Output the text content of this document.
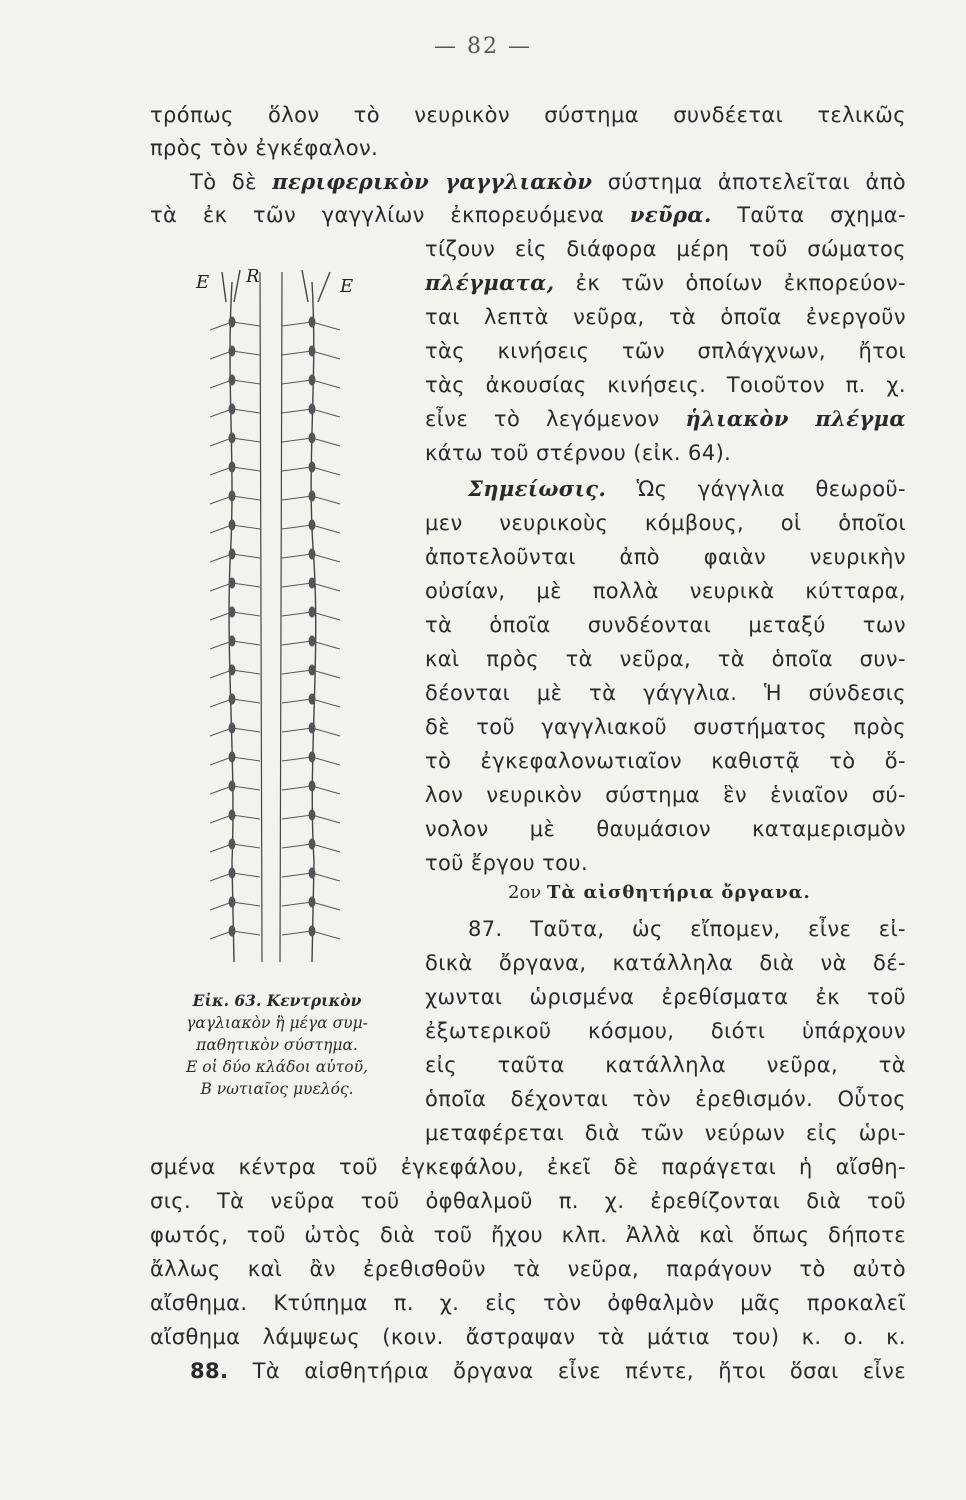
— 82 —
τρόπως ὅλον τὸ νευρικὸν σύστημα συνδέεται τελικῶς
πρὸς τὸν ἐγκέφαλον.
Τὸ δὲ περιφερικὸν γαγγλιακὸν σύστημα ἀποτελεῖται ἀπὸ
τὰ ἐκ τῶν γαγγλίων ἐκπορευόμενα νεῦρα. Ταῦτα σχημα-
τίζουν εἰς διάφορα μέρη τοῦ σώματος
πλέγματα, ἐκ τῶν ὁποίων ἐκπορεύον-
ται λεπτὰ νεῦρα, τὰ ὁποῖα ἐνεργοῦν
τὰς κινήσεις τῶν σπλάγχνων, ἤτοι
τὰς ἀκουσίας κινήσεις. Τοιοῦτον π. χ.
εἶνε τὸ λεγόμενον ἡλιακὸν πλέγμα
κάτω τοῦ στέρνου (εἰκ. 64).
Σημείωσις. Ὡς γάγγλια θεωροῦ-
μεν νευρικοὺς κόμβους, οἱ ὁποῖοι
ἀποτελοῦνται ἀπὸ φαιὰν νευρικὴν
οὐσίαν, μὲ πολλὰ νευρικὰ κύτταρα,
τὰ ὁποῖα συνδέονται μεταξύ των
καὶ πρὸς τὰ νεῦρα, τὰ ὁποῖα συν-
δέονται μὲ τὰ γάγγλια. Ἡ σύνδεσις
δὲ τοῦ γαγγλιακοῦ συστήματος πρὸς
τὸ ἐγκεφαλονωτιαῖον καθιστᾷ τὸ ὅ-
λον νευρικὸν σύστημα ἓν ἑνιαῖον σύ-
νολον μὲ θαυμάσιον καταμερισμὸν
τοῦ ἔργου του.
2ον Τὰ αἰσθητήρια ὄργανα.
87. Ταῦτα, ὡς εἴπομεν, εἶνε εἰ-
δικὰ ὄργανα, κατάλληλα διὰ νὰ δέ-
χωνται ὡρισμένα ἐρεθίσματα ἐκ τοῦ
ἐξωτερικοῦ κόσμου, διότι ὑπάρχουν
εἰς ταῦτα κατάλληλα νεῦρα, τὰ
ὁποῖα δέχονται τὸν ἐρεθισμόν. Οὗτος
μεταφέρεται διὰ τῶν νεύρων εἰς ὡρι-
σμένα κέντρα τοῦ ἐγκεφάλου, ἐκεῖ δὲ παράγεται ἡ αἴσθη-
σις. Τὰ νεῦρα τοῦ ὀφθαλμοῦ π. χ. ἐρεθίζονται διὰ τοῦ
φωτός, τοῦ ὠτὸς διὰ τοῦ ἤχου κλπ. Ἀλλὰ καὶ ὅπως δήποτε
ἄλλως καὶ ἂν ἐρεθισθοῦν τὰ νεῦρα, παράγουν τὸ αὐτὸ
αἴσθημα. Κτύπημα π. χ. εἰς τὸν ὀφθαλμὸν μᾶς προκαλεῖ
αἴσθημα λάμψεως (κοιν. ἄστραψαν τὰ μάτια του) κ. ο. κ.
88. Τὰ αἰσθητήρια ὄργανα εἶνε πέντε, ἤτοι ὅσαι εἶνε
E R	E
Εἰκ. 63. Κεντρικὸν
γαγλιακὸν ἢ μέγα συμ-
παθητικὸν σύστημα.
Ε οἱ δύο κλάδοι αὐτοῦ,
Β νωτιαῖος μυελός.
